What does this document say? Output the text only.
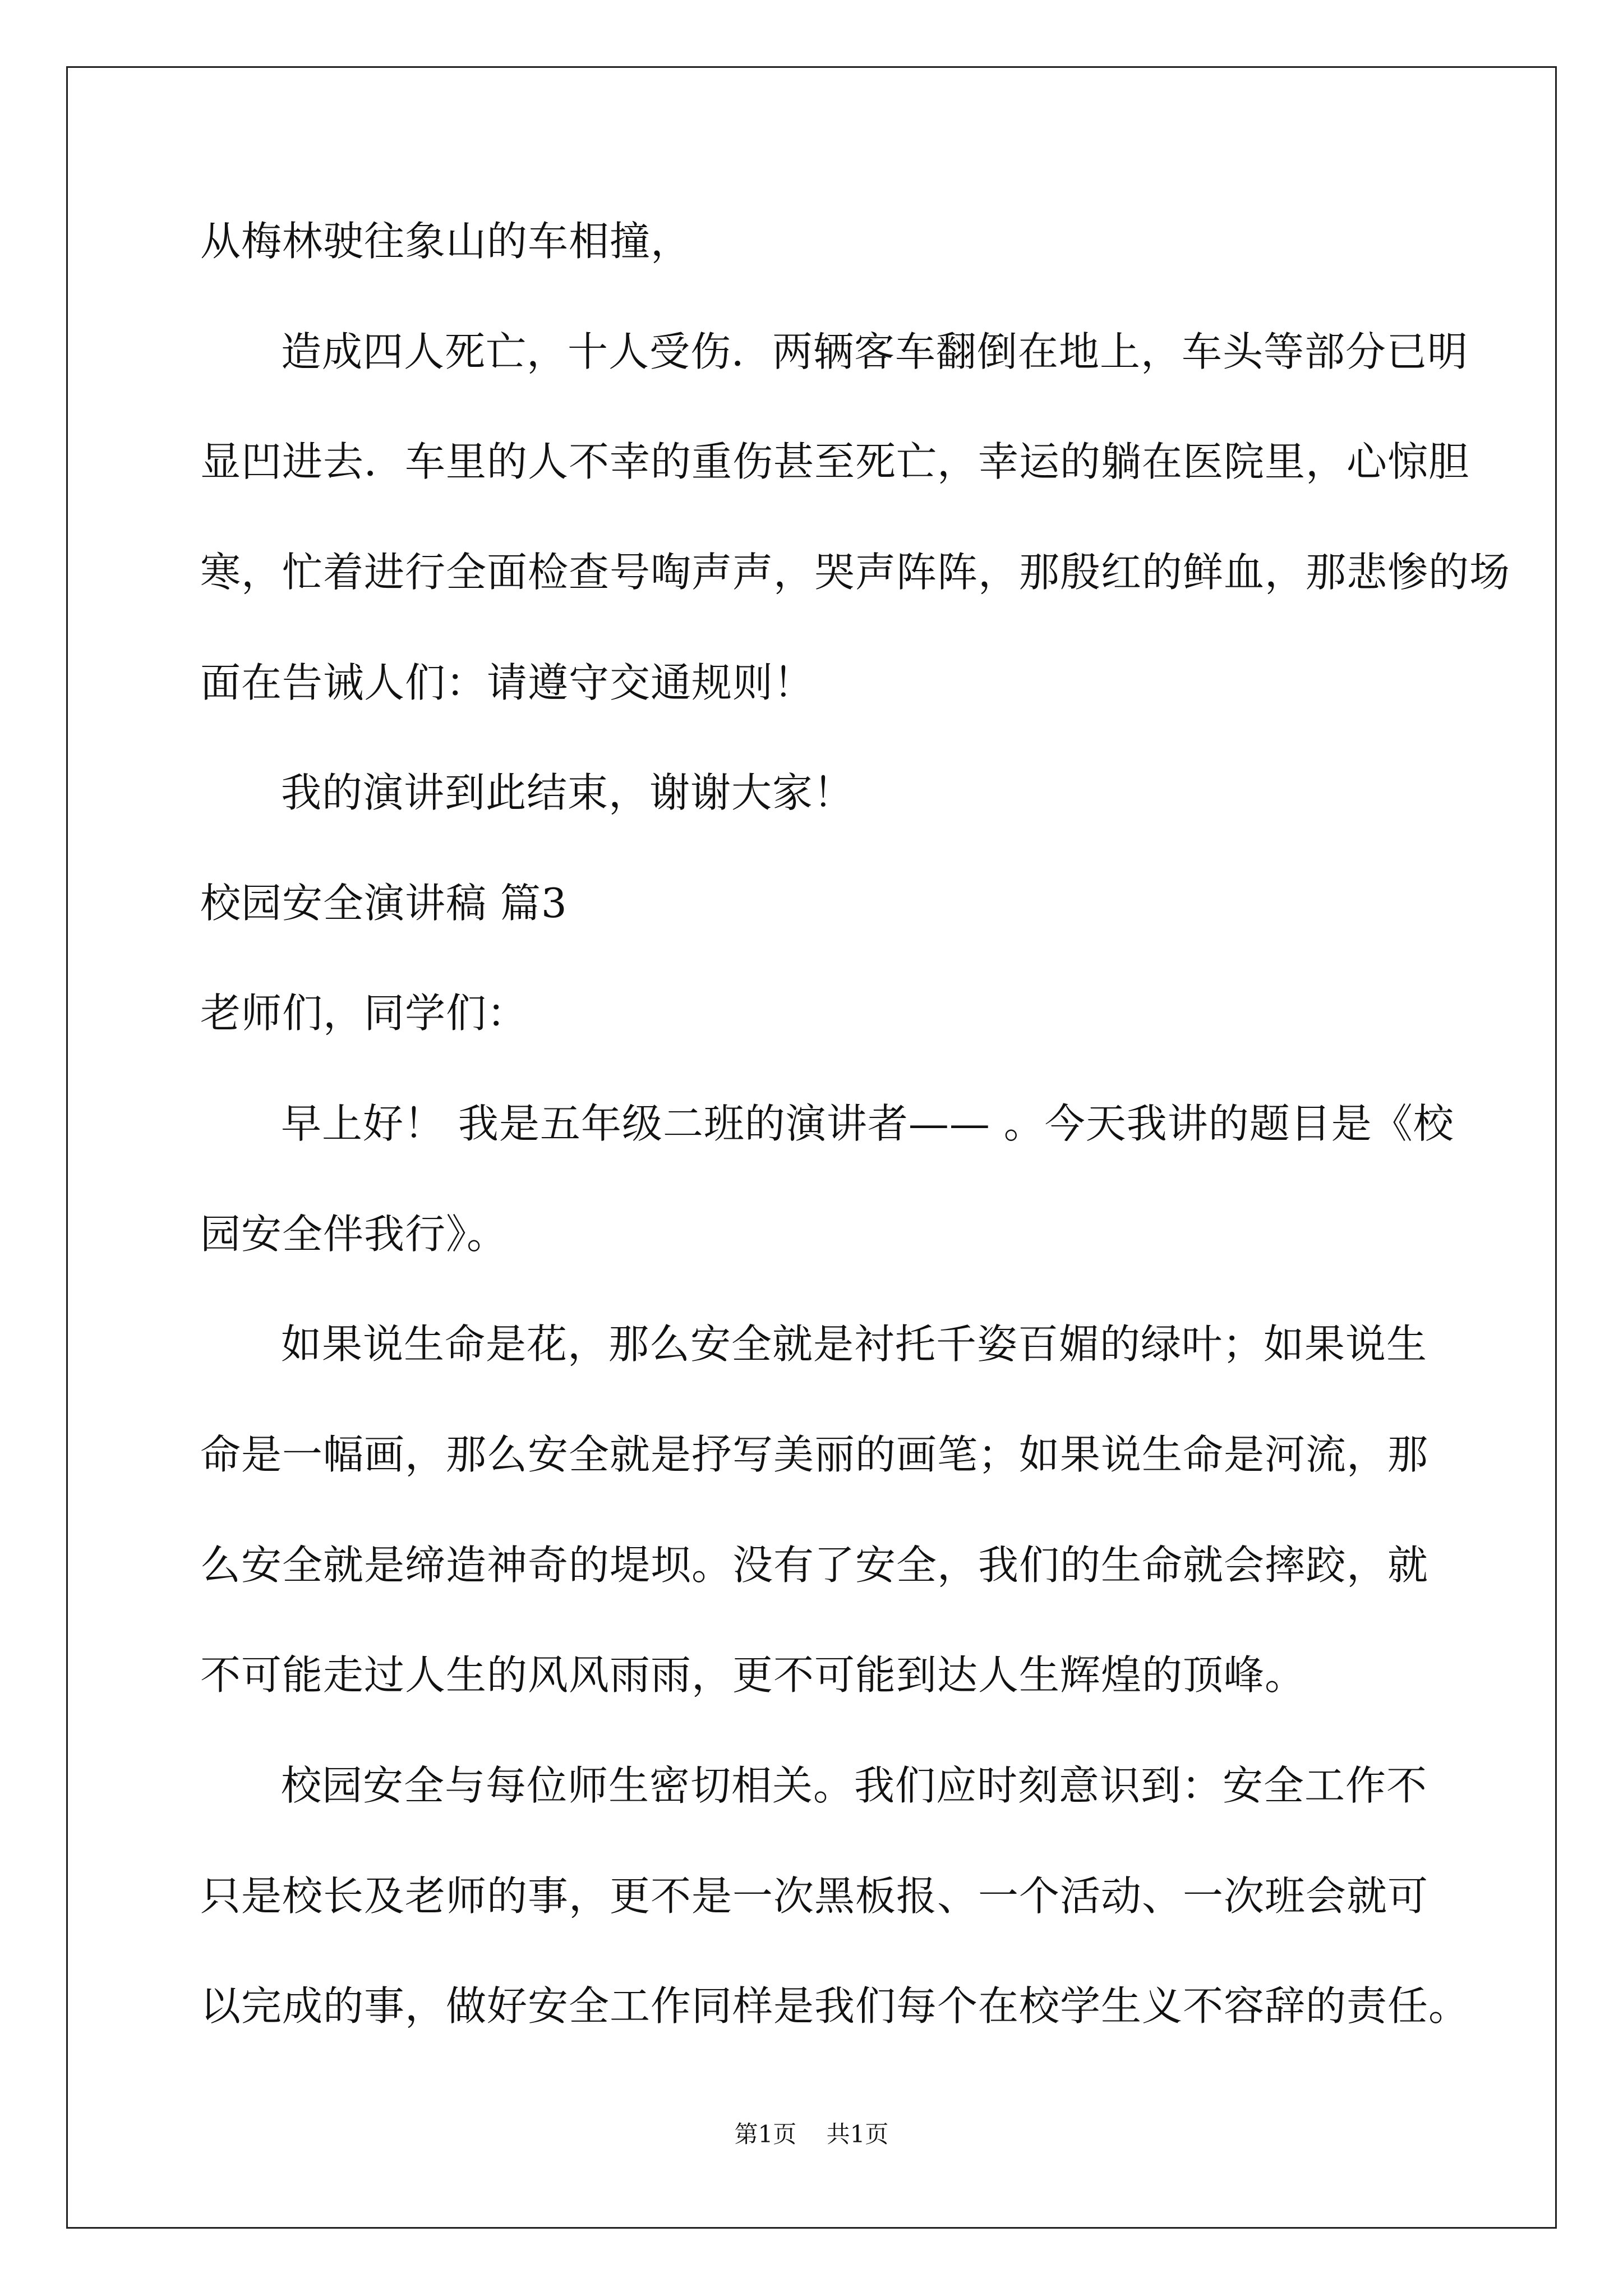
从梅林驶往象山的车相撞，
造成四人死亡，十人受伤．两辆客车翻倒在地上，车头等部分已明
显凹进去．车里的人不幸的重伤甚至死亡，幸运的躺在医院里，心惊胆
寒，忙着进行全面检查号啕声声，哭声阵阵，那殷红的鲜血，那悲惨的场
面在告诫人们：请遵守交通规则！
我的演讲到此结束，谢谢大家！
校园安全演讲稿 篇3
老师们，同学们：
早上好！ 我是五年级二班的演讲者—— 。今天我讲的题目是《校
园安全伴我行》。
如果说生命是花，那么安全就是衬托千姿百媚的绿叶；如果说生
命是一幅画，那么安全就是抒写美丽的画笔；如果说生命是河流，那
么安全就是缔造神奇的堤坝。没有了安全，我们的生命就会摔跤，就
不可能走过人生的风风雨雨，更不可能到达人生辉煌的顶峰。
校园安全与每位师生密切相关。我们应时刻意识到：安全工作不
只是校长及老师的事，更不是一次黑板报、一个活动、一次班会就可
以完成的事，做好安全工作同样是我们每个在校学生义不容辞的责任。
第1页    共1页
